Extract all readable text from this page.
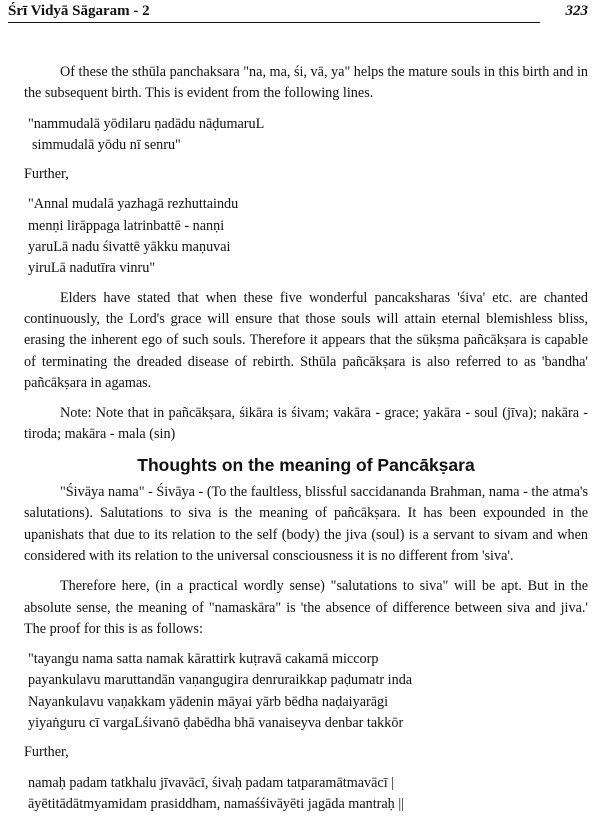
Śrī Vidyā Sāgaram - 2	323

Of these the sthūla panchaksara "na, ma, śi, vā, ya" helps the mature souls in this birth and in the subsequent birth. This is evident from the following lines.

"nammudalā yōdilaru ṇadādu nāḍumaruL
simmudalā yōdu nī senru"

Further,

"Annal mudalā yazhagā rezhuttaindu
menṇi lirāppaga latrinbattē - nanṇi
yaruLā nadu śivattē yākku maṇuvai
yiruLā nadutīra vinru"

Elders have stated that when these five wonderful pancaksharas 'śiva' etc. are chanted continuously, the Lord's grace will ensure that those souls will attain eternal blemishless bliss, erasing the inherent ego of such souls. Therefore it appears that the sūkṣma pañcākṣara is capable of terminating the dreaded disease of rebirth. Sthūla pañcākṣara is also referred to as 'bandha' pañcākṣara in agamas.

Note: Note that in pañcākṣara, śikāra is śivam; vakāra - grace; yakāra - soul (jīva); nakāra - tiroda; makāra - mala (sin)

Thoughts on the meaning of Pancākṣara

"Śivāya nama" - Śivāya - (To the faultless, blissful saccidananda Brahman, nama - the atma's salutations). Salutations to siva is the meaning of pañcākṣara. It has been expounded in the upanishats that due to its relation to the self (body) the jiva (soul) is a servant to sivam and when considered with its relation to the universal consciousness it is no different from 'siva'.

Therefore here, (in a practical wordly sense) "salutations to siva" will be apt. But in the absolute sense, the meaning of "namaskāra" is 'the absence of difference between siva and jiva.' The proof for this is as follows:

"tayangu nama satta namak kārattirk kuṭravā cakamā miccorp
payankulavu maruttandān vaṇangugira denruraikkap paḍumatr inda
Nayankulavu vaṇakkam yādenin māyai yārb bēdha naḍaiyarāgi
yiyaṅguru cī vargaLśivanō ḍabēdha bhā vanaiseyva denbar takkōr

Further,

namaḥ padam tatkhalu jīvavācī, śivaḥ padam tatparamātmavācī |
āyētitādātmyamidam prasiddham, namaśśivāyēti jagāda mantraḥ ||
